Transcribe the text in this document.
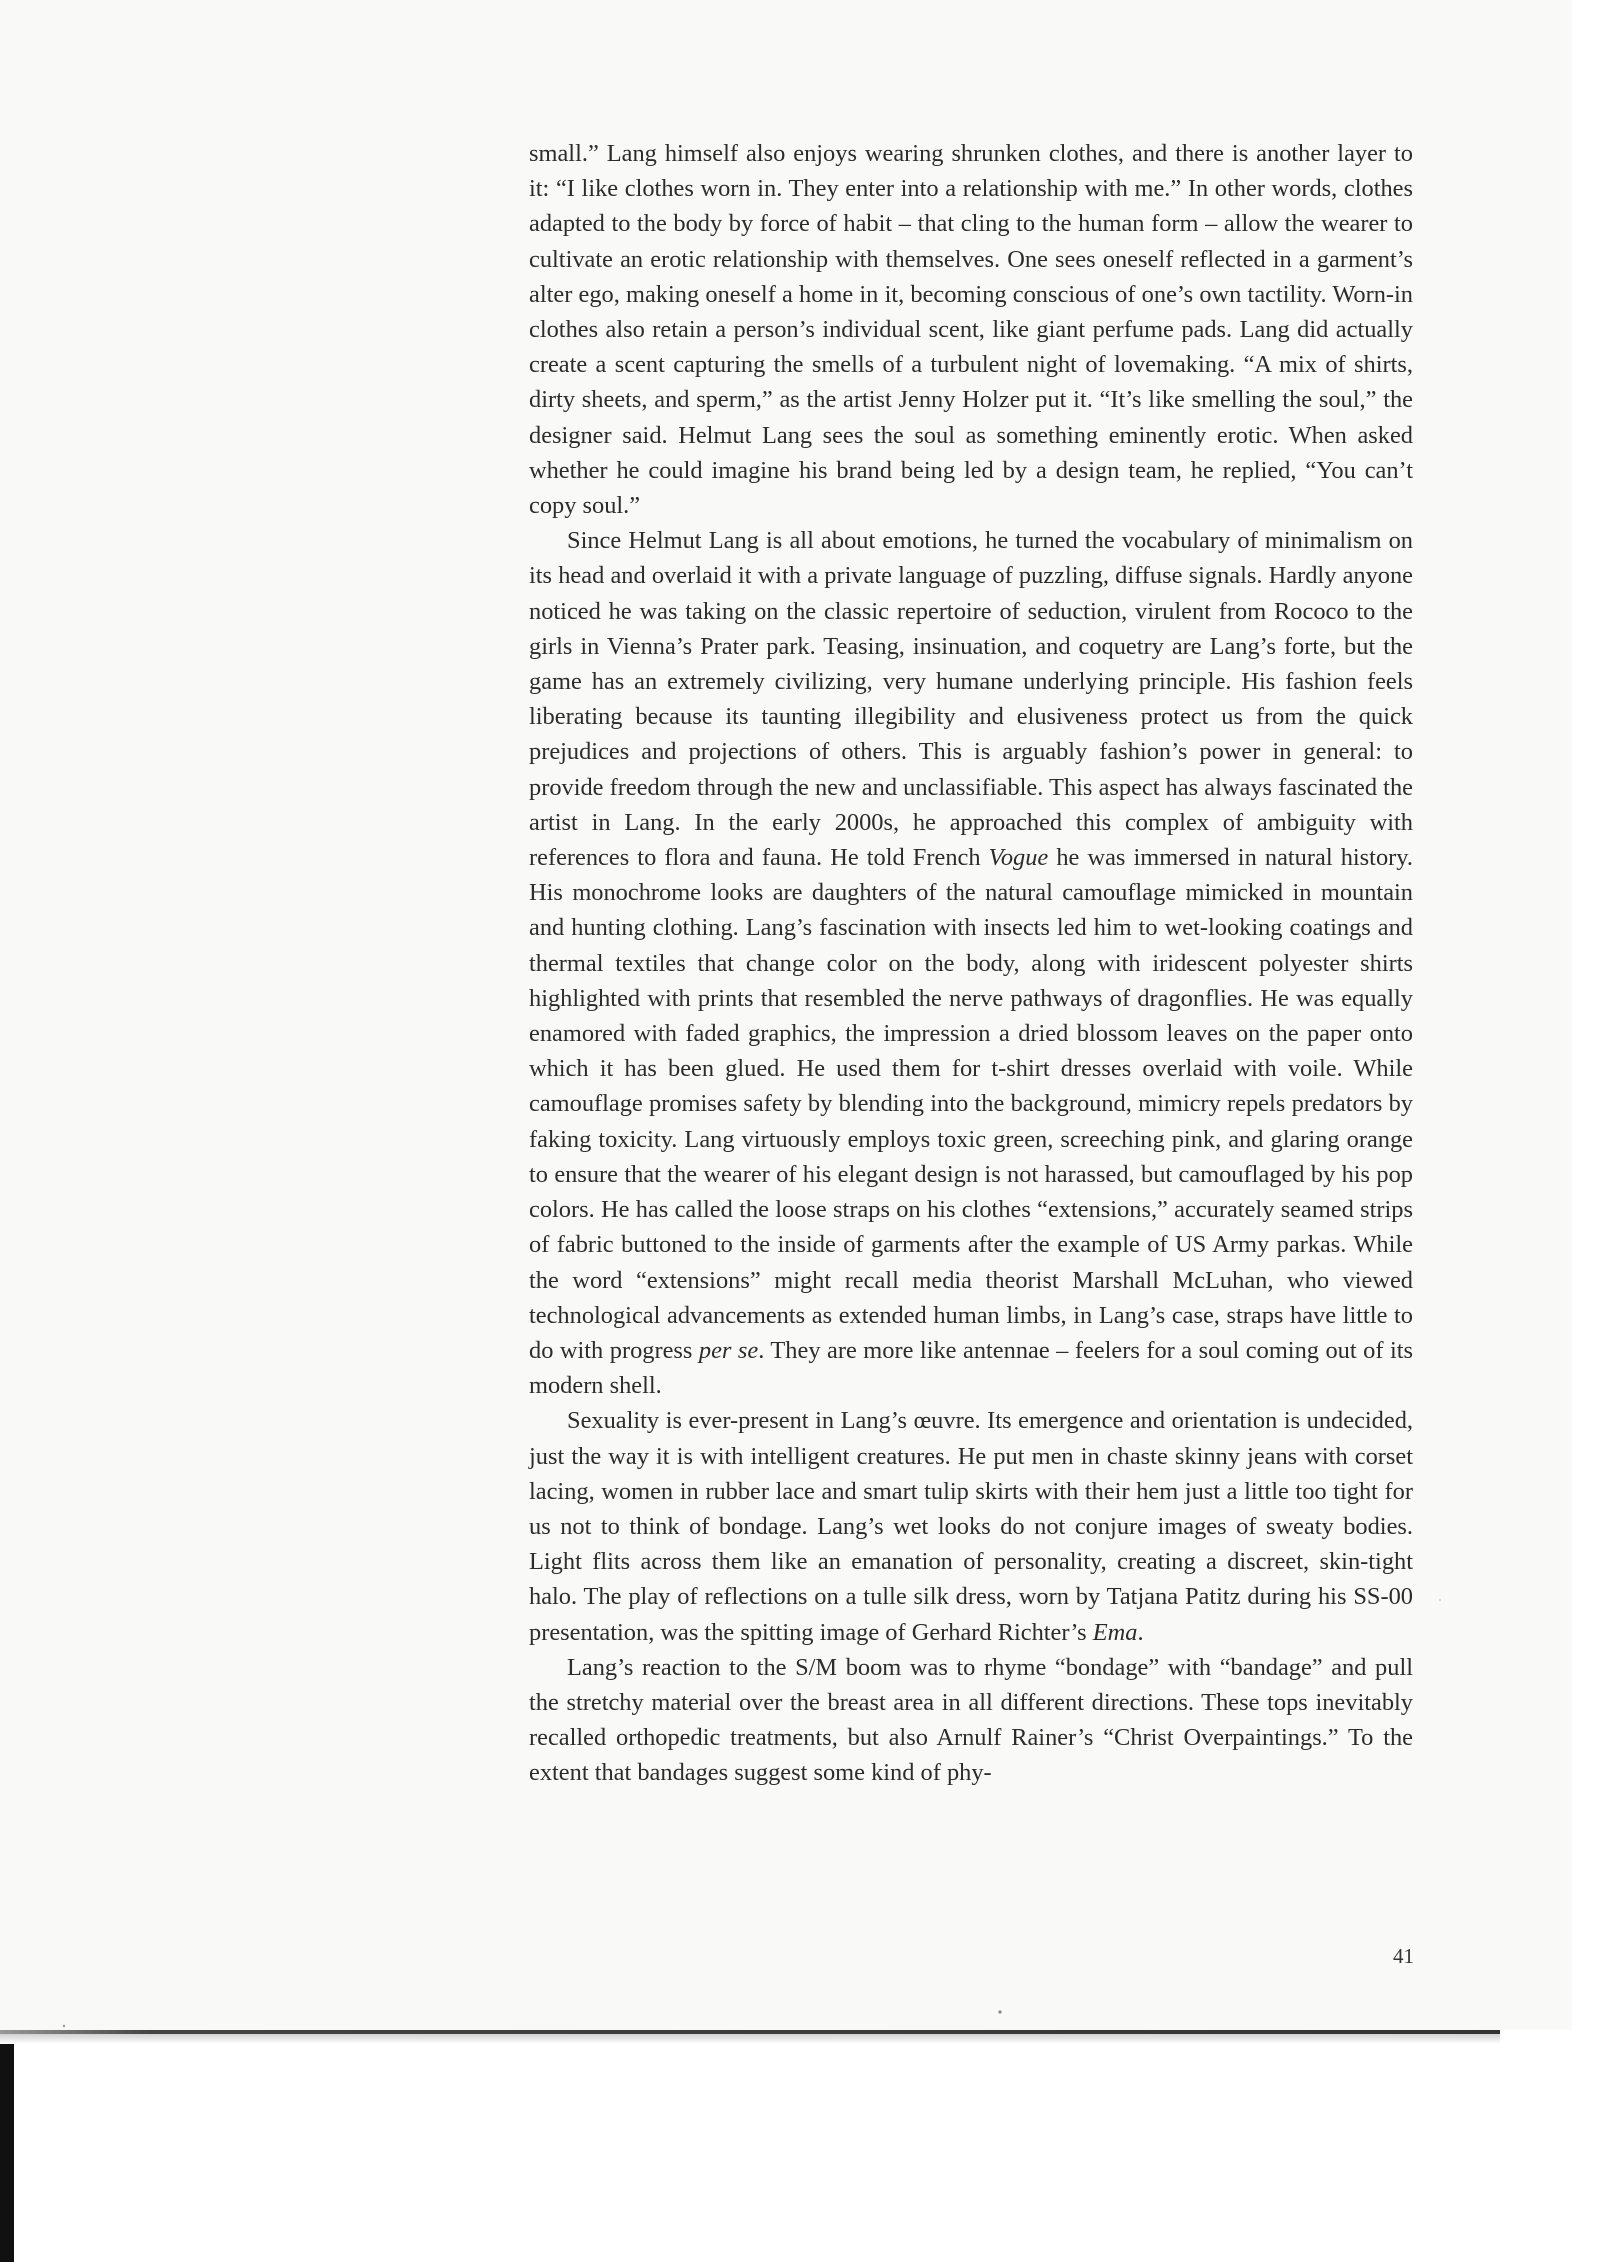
small.” Lang himself also enjoys wearing shrunken clothes, and there is another layer to it: “I like clothes worn in. They enter into a relationship with me.” In other words, clothes adapted to the body by force of habit – that cling to the human form – allow the wearer to cultivate an erotic relationship with themselves. One sees oneself reflected in a garment’s alter ego, making oneself a home in it, becoming conscious of one’s own tactility. Worn-in clothes also retain a person’s individual scent, like giant perfume pads. Lang did actually create a scent capturing the smells of a turbulent night of lovemaking. “A mix of shirts, dirty sheets, and sperm,” as the artist Jenny Holzer put it. “It’s like smelling the soul,” the designer said. Helmut Lang sees the soul as something eminently erotic. When asked whether he could imagine his brand being led by a design team, he replied, “You can’t copy soul.”

Since Helmut Lang is all about emotions, he turned the vocabulary of minimalism on its head and overlaid it with a private language of puzzling, diffuse signals. Hardly anyone noticed he was taking on the classic repertoire of seduction, virulent from Rococo to the girls in Vienna’s Prater park. Teasing, insinuation, and coquetry are Lang’s forte, but the game has an extremely civilizing, very humane underlying principle. His fashion feels liberating because its taunting illegibility and elusiveness protect us from the quick prejudices and projections of others. This is arguably fashion’s power in general: to provide freedom through the new and unclassifiable. This aspect has always fascinated the artist in Lang. In the early 2000s, he approached this complex of ambiguity with references to flora and fauna. He told French Vogue he was immersed in natural history. His monochrome looks are daughters of the natural camouflage mimicked in mountain and hunting clothing. Lang’s fascination with insects led him to wet-looking coatings and thermal textiles that change color on the body, along with iridescent polyester shirts highlighted with prints that resembled the nerve pathways of dragonflies. He was equally enamored with faded graphics, the impression a dried blossom leaves on the paper onto which it has been glued. He used them for t-shirt dresses overlaid with voile. While camouflage promises safety by blending into the background, mimicry repels predators by faking toxicity. Lang virtuously employs toxic green, screeching pink, and glaring orange to ensure that the wearer of his elegant design is not harassed, but camouflaged by his pop colors. He has called the loose straps on his clothes “extensions,” accurately seamed strips of fabric buttoned to the inside of garments after the example of US Army parkas. While the word “extensions” might recall media theorist Marshall McLuhan, who viewed technological advancements as extended human limbs, in Lang’s case, straps have little to do with progress per se. They are more like antennae – feelers for a soul coming out of its modern shell.

Sexuality is ever-present in Lang’s œuvre. Its emergence and orientation is undecided, just the way it is with intelligent creatures. He put men in chaste skinny jeans with corset lacing, women in rubber lace and smart tulip skirts with their hem just a little too tight for us not to think of bondage. Lang’s wet looks do not conjure images of sweaty bodies. Light flits across them like an emanation of personality, creating a discreet, skin-tight halo. The play of reflections on a tulle silk dress, worn by Tatjana Patitz during his SS-00 presentation, was the spitting image of Gerhard Richter’s Ema.

Lang’s reaction to the S/M boom was to rhyme “bondage” with “bandage” and pull the stretchy material over the breast area in all different directions. These tops inevitably recalled orthopedic treatments, but also Arnulf Rainer’s “Christ Overpaintings.” To the extent that bandages suggest some kind of phy-

41
